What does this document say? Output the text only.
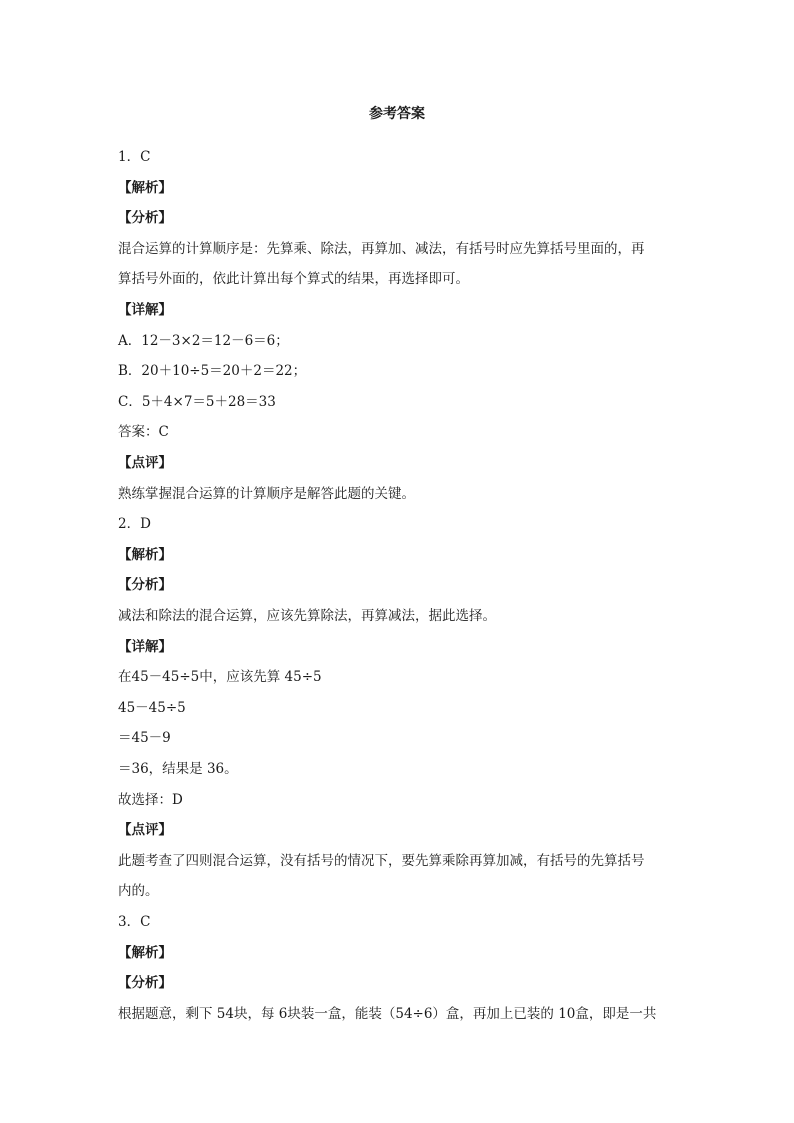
参考答案
1．C
【解析】
【分析】
混合运算的计算顺序是：先算乘、除法，再算加、减法，有括号时应先算括号里面的，再
算括号外面的，依此计算出每个算式的结果，再选择即可。
【详解】
A．12－3×2＝12－6＝6；
B．20＋10÷5＝20＋2＝22；
C．5＋4×7＝5＋28＝33
答案：C
【点评】
熟练掌握混合运算的计算顺序是解答此题的关键。
2．D
【解析】
【分析】
减法和除法的混合运算，应该先算除法，再算减法，据此选择。
【详解】
在45－45÷5中，应该先算 45÷5
45－45÷5
＝45－9
＝36，结果是 36。
故选择：D
【点评】
此题考查了四则混合运算，没有括号的情况下，要先算乘除再算加减，有括号的先算括号
内的。
3．C
【解析】
【分析】
根据题意，剩下 54块，每 6块装一盒，能装（54÷6）盒，再加上已装的 10盒，即是一共
